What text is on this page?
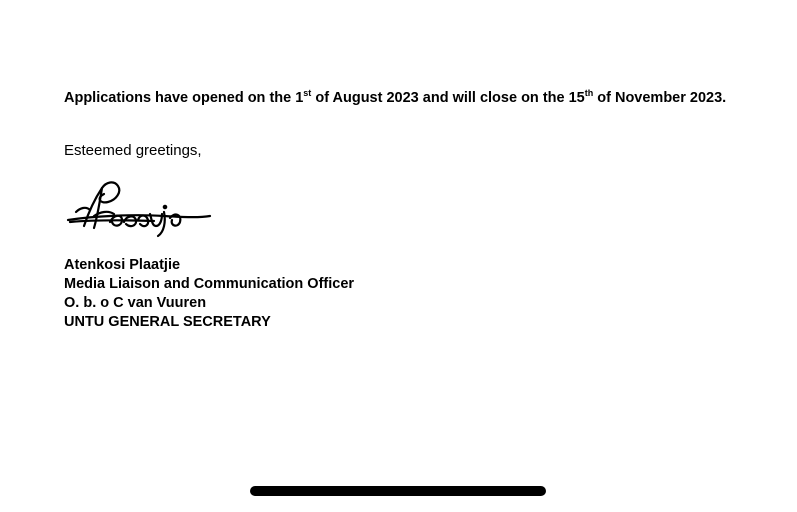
Applications have opened on the 1st of August 2023 and will close on the 15th of November 2023.

Esteemed greetings,
Atenkosi Plaatjie
Media Liaison and Communication Officer
O. b. o C van Vuuren
UNTU GENERAL SECRETARY
